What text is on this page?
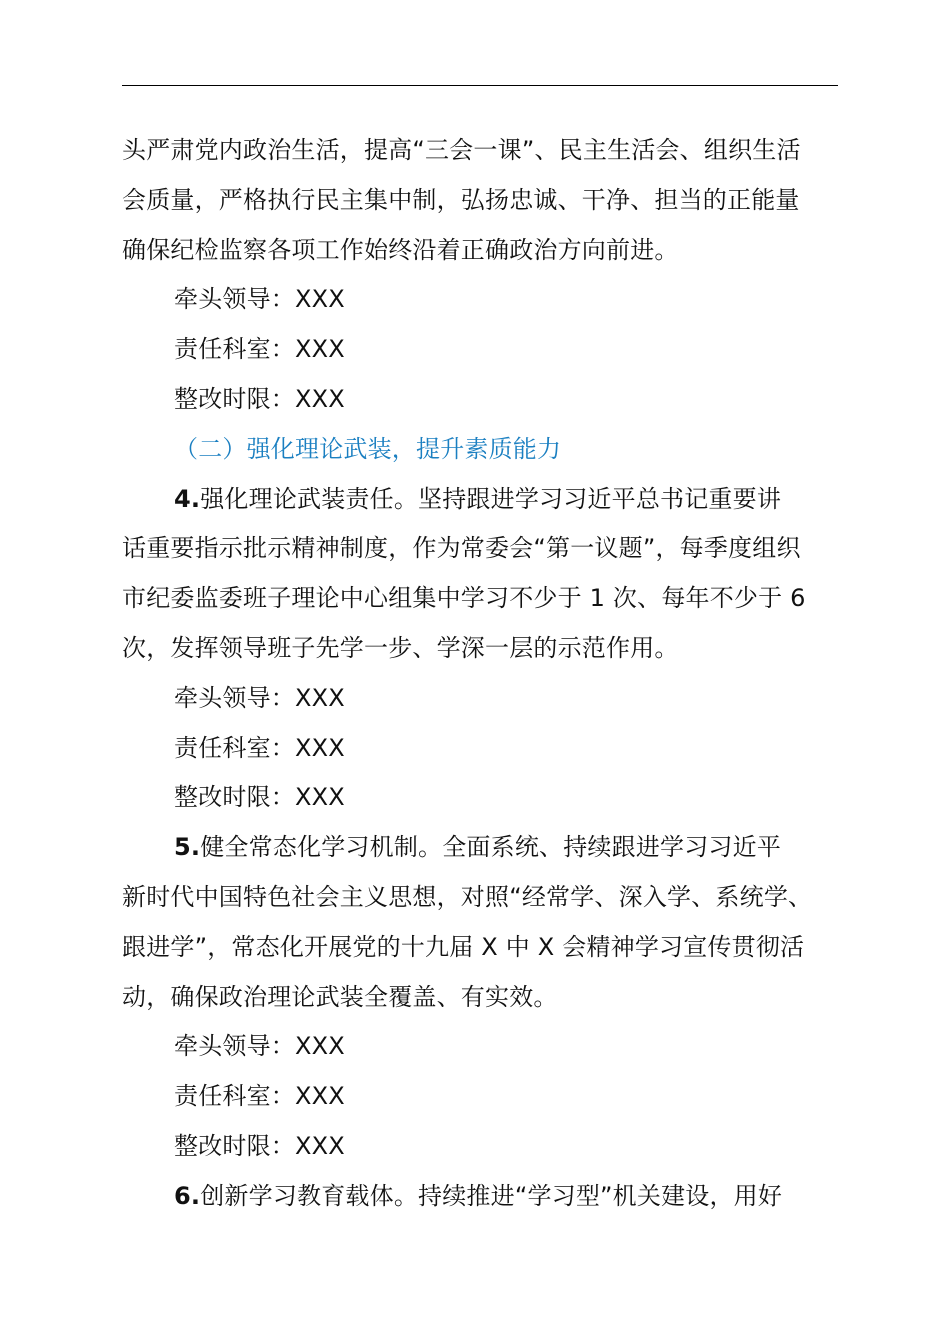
头严肃党内政治生活，提高“三会一课”、民主生活会、组织生活
会质量，严格执行民主集中制，弘扬忠诚、干净、担当的正能量
确保纪检监察各项工作始终沿着正确政治方向前进。
牵头领导：XXX
责任科室：XXX
整改时限：XXX
（二）强化理论武装，提升素质能力
4.强化理论武装责任。坚持跟进学习习近平总书记重要讲
话重要指示批示精神制度，作为常委会“第一议题”，每季度组织
市纪委监委班子理论中心组集中学习不少于 1 次、每年不少于 6
次，发挥领导班子先学一步、学深一层的示范作用。
牵头领导：XXX
责任科室：XXX
整改时限：XXX
5.健全常态化学习机制。全面系统、持续跟进学习习近平
新时代中国特色社会主义思想，对照“经常学、深入学、系统学、
跟进学”，常态化开展党的十九届 X 中 X 会精神学习宣传贯彻活
动，确保政治理论武装全覆盖、有实效。
牵头领导：XXX
责任科室：XXX
整改时限：XXX
6.创新学习教育载体。持续推进“学习型”机关建设，用好
